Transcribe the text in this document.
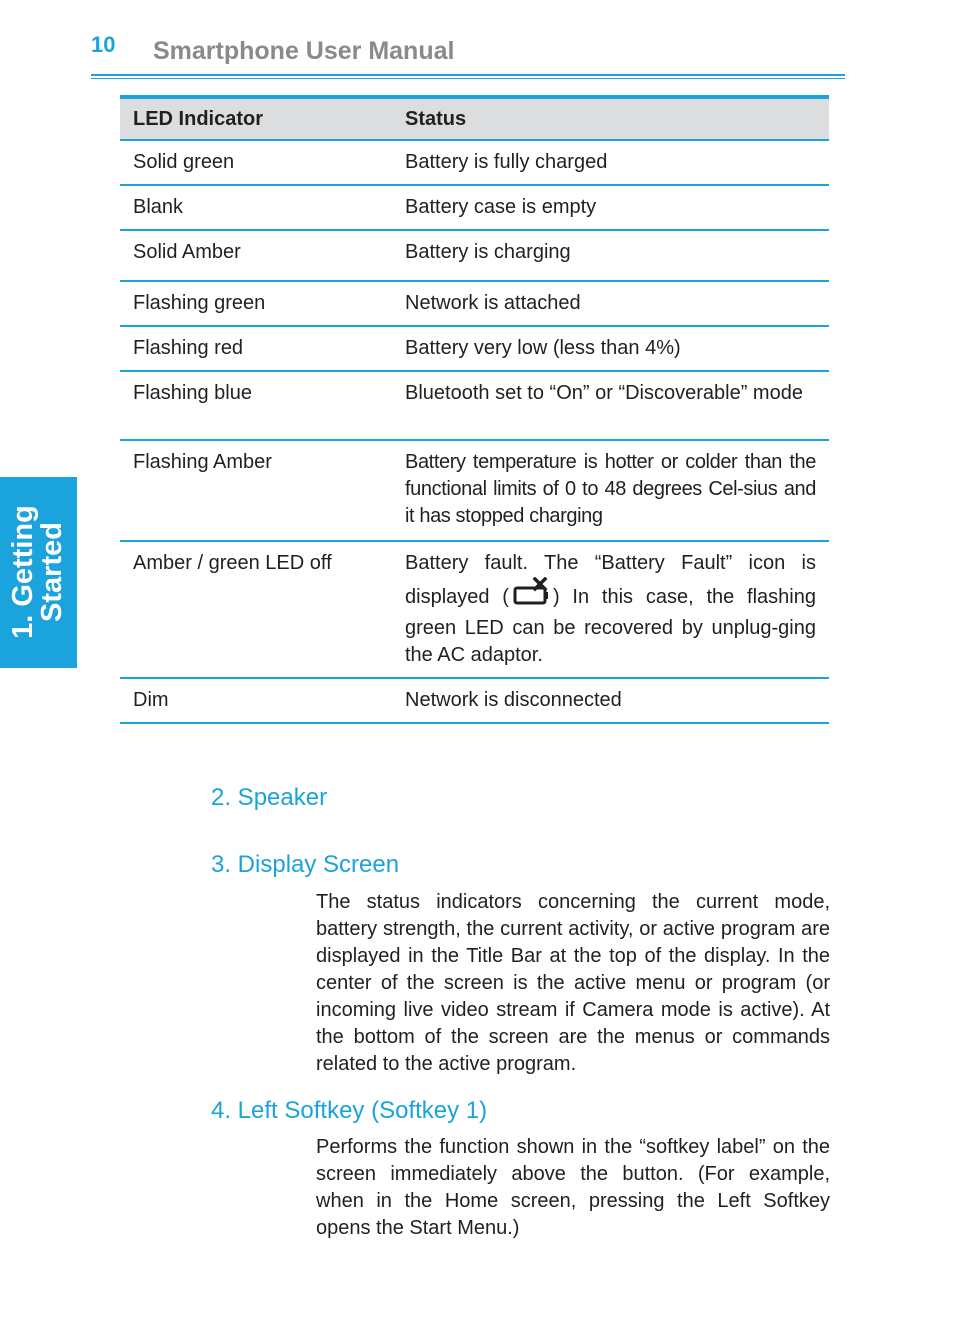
10 Smartphone User Manual
1. Getting
Started
LED Indicator	Status
Solid green	Battery is fully charged
Blank	Battery case is empty
Solid Amber	Battery is charging
Flashing green	Network is attached
Flashing red	Battery very low (less than 4%)
Flashing blue	Bluetooth set to “On” or “Discoverable” mode
Flashing Amber	Battery temperature is hotter or colder than the functional limits of 0 to 48 degrees Cel-sius and it has stopped charging
Amber / green LED off	Battery fault. The “Battery Fault” icon is displayed ( ) In this case, the flashing green LED can be recovered by unplug-ging the AC adaptor.
Dim	Network is disconnected
2. Speaker
3. Display Screen

The status indicators concerning the current mode, battery strength, the current activity, or active program are displayed in the Title Bar at the top of the display. In the center of the screen is the active menu or program (or incoming live video stream if Camera mode is active). At the bottom of the screen are the menus or commands related to the active program.

4. Left Softkey (Softkey 1)

Performs the function shown in the “softkey label” on the screen immediately above the button. (For example, when in the Home screen, pressing the Left Softkey opens the Start Menu.)
